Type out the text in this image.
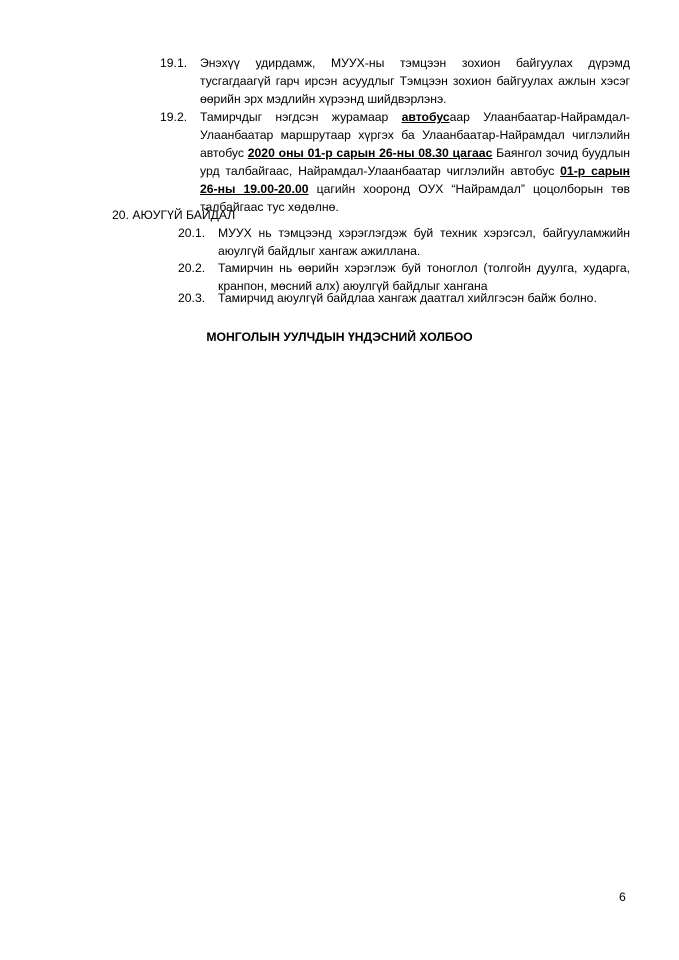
19.1. Энэхүү удирдамж, МУУХ-ны тэмцээн зохион байгуулах дүрэмд тусгагдаагүй гарч ирсэн асуудлыг Тэмцээн зохион байгуулах ажлын хэсэг өөрийн эрх мэдлийн хүрээнд шийдвэрлэнэ.
19.2. Тамирчдыг нэгдсэн журамаар автобусаар Улаанбаатар-Найрамдал-Улаанбаатар маршрутаар хүргэх ба Улаанбаатар-Найрамдал чиглэлийн автобус 2020 оны 01-р сарын 26-ны 08.30 цагаас Баянгол зочид буудлын урд талбайгаас, Найрамдал-Улаанбаатар чиглэлийн автобус 01-р сарын 26-ны 19.00-20.00 цагийн хооронд ОУХ “Найрамдал” цоцолборын төв талбайгаас тус хөдөлнө.
20. АЮУГҮЙ БАЙДАЛ
20.1. МУУХ нь тэмцээнд хэрэглэгдэж буй техник хэрэгсэл, байгууламжийн аюулгүй байдлыг хангаж ажиллана.
20.2. Тамирчин нь өөрийн хэрэглэж буй тоноглол (толгойн дуулга, хударга, кранпон, мөсний алх) аюулгүй байдлыг хангана
20.3. Тамирчид аюулгүй байдлаа хангаж даатгал хийлгэсэн байж болно.
МОНГОЛЫН УУЛЧДЫН ҮНДЭСНИЙ ХОЛБОО
6
